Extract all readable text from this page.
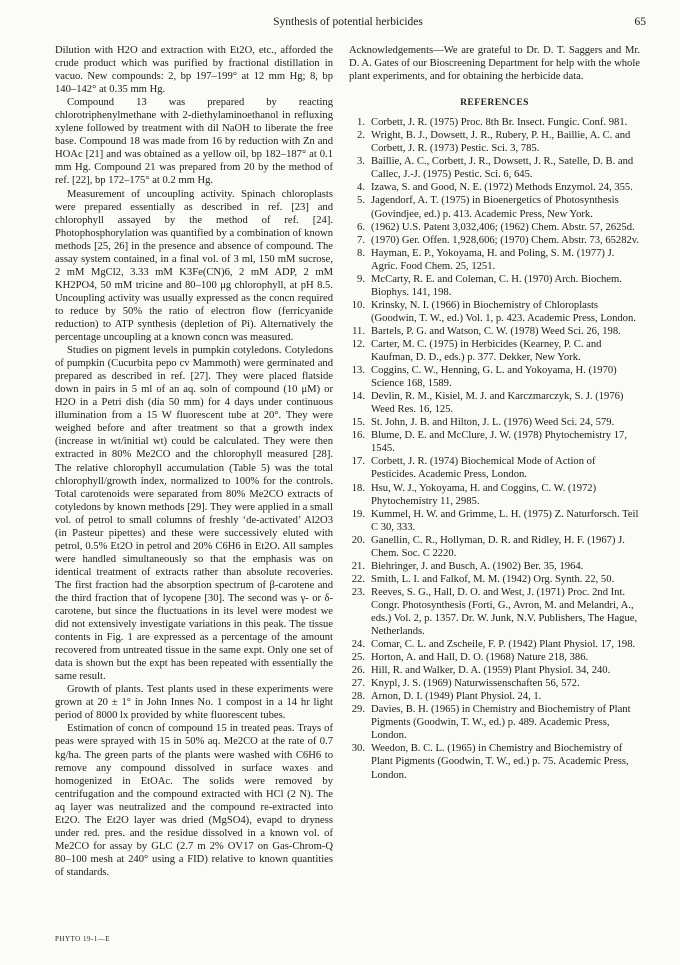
Synthesis of potential herbicides	65

Dilution with H2O and extraction with Et2O, etc., afforded the crude product which was purified by fractional distillation in vacuo. New compounds: 2, bp 197–199° at 12 mm Hg; 8, bp 140–142° at 0.35 mm Hg.

Compound 13 was prepared by reacting chlorotriphenylmethane with 2-diethylaminoethanol in refluxing xylene followed by treatment with dil NaOH to liberate the free base. Compound 18 was made from 16 by reduction with Zn and HOAc [21] and was obtained as a yellow oil, bp 182–187° at 0.1 mm Hg. Compound 21 was prepared from 20 by the method of ref. [22], bp 172–175° at 0.2 mm Hg.

Measurement of uncoupling activity. Spinach chloroplasts were prepared essentially as described in ref. [23] and chlorophyll assayed by the method of ref. [24]. Photophosphorylation was quantified by a combination of known methods [25, 26] in the presence and absence of compound. The assay system contained, in a final vol. of 3 ml, 150 mM sucrose, 2 mM MgCl2, 3.33 mM K3Fe(CN)6, 2 mM ADP, 2 mM KH2PO4, 50 mM tricine and 80–100 μg chlorophyll, at pH 8.5. Uncoupling activity was usually expressed as the concn required to reduce by 50% the ratio of electron flow (ferricyanide reduction) to ATP synthesis (depletion of Pi). Alternatively the percentage uncoupling at a known concn was measured.

Studies on pigment levels in pumpkin cotyledons. Cotyledons of pumpkin (Cucurbita pepo cv Mammoth) were germinated and prepared as described in ref. [27]. They were placed flatside down in pairs in 5 ml of an aq. soln of compound (10 μM) or H2O in a Petri dish (dia 50 mm) for 4 days under continuous illumination from a 15 W fluorescent tube at 20°. They were weighed before and after treatment so that a growth index (increase in wt/initial wt) could be calculated. They were then extracted in 80% Me2CO and the chlorophyll measured [28]. The relative chlorophyll accumulation (Table 5) was the total chlorophyll/growth index, normalized to 100% for the controls. Total carotenoids were separated from 80% Me2CO extracts of cotyledons by known methods [29]. They were applied in a small vol. of petrol to small columns of freshly ‘de-activated’ Al2O3 (in Pasteur pipettes) and these were successively eluted with petrol, 0.5% Et2O in petrol and 20% C6H6 in Et2O. All samples were handled simultaneously so that the emphasis was on identical treatment of extracts rather than absolute recoveries. The first fraction had the absorption spectrum of β-carotene and the third fraction that of lycopene [30]. The second was γ- or δ-carotene, but since the fluctuations in its level were modest we did not extensively investigate variations in this peak. The tissue contents in Fig. 1 are expressed as a percentage of the amount recovered from untreated tissue in the same expt. Only one set of data is shown but the expt has been repeated with essentially the same result.

Growth of plants. Test plants used in these experiments were grown at 20 ± 1° in John Innes No. 1 compost in a 14 hr light period of 8000 lx provided by white fluorescent tubes.

Estimation of concn of compound 15 in treated peas. Trays of peas were sprayed with 15 in 50% aq. Me2CO at the rate of 0.7 kg/ha. The green parts of the plants were washed with C6H6 to remove any compound dissolved in surface waxes and homogenized in EtOAc. The solids were removed by centrifugation and the compound extracted with HCl (2 N). The aq layer was neutralized and the compound re-extracted into Et2O. The Et2O layer was dried (MgSO4), evapd to dryness under red. pres. and the residue dissolved in a known vol. of Me2CO for assay by GLC (2.7 m 2% OV17 on Gas-Chrom-Q 80–100 mesh at 240° using a FID) relative to known quantities of standards.

Acknowledgements—We are grateful to Dr. D. T. Saggers and Mr. D. A. Gates of our Bioscreening Department for help with the whole plant experiments, and for obtaining the herbicide data.

REFERENCES
1. Corbett, J. R. (1975) Proc. 8th Br. Insect. Fungic. Conf. 981.
2. Wright, B. J., Dowsett, J. R., Rubery, P. H., Baillie, A. C. and Corbett, J. R. (1973) Pestic. Sci. 3, 785.
3. Baillie, A. C., Corbett, J. R., Dowsett, J. R., Satelle, D. B. and Callec, J.-J. (1975) Pestic. Sci. 6, 645.
4. Izawa, S. and Good, N. E. (1972) Methods Enzymol. 24, 355.
5. Jagendorf, A. T. (1975) in Bioenergetics of Photosynthesis (Govindjee, ed.) p. 413. Academic Press, New York.
6. (1962) U.S. Patent 3,032,406; (1962) Chem. Abstr. 57, 2625d.
7. (1970) Ger. Offen. 1,928,606; (1970) Chem. Abstr. 73, 65282v.
8. Hayman, E. P., Yokoyama, H. and Poling, S. M. (1977) J. Agric. Food Chem. 25, 1251.
9. McCarty, R. E. and Coleman, C. H. (1970) Arch. Biochem. Biophys. 141, 198.
10. Krinsky, N. I. (1966) in Biochemistry of Chloroplasts (Goodwin, T. W., ed.) Vol. 1, p. 423. Academic Press, London.
11. Bartels, P. G. and Watson, C. W. (1978) Weed Sci. 26, 198.
12. Carter, M. C. (1975) in Herbicides (Kearney, P. C. and Kaufman, D. D., eds.) p. 377. Dekker, New York.
13. Coggins, C. W., Henning, G. L. and Yokoyama, H. (1970) Science 168, 1589.
14. Devlin, R. M., Kisiel, M. J. and Karczmarczyk, S. J. (1976) Weed Res. 16, 125.
15. St. John, J. B. and Hilton, J. L. (1976) Weed Sci. 24, 579.
16. Blume, D. E. and McClure, J. W. (1978) Phytochemistry 17, 1545.
17. Corbett, J. R. (1974) Biochemical Mode of Action of Pesticides. Academic Press, London.
18. Hsu, W. J., Yokoyama, H. and Coggins, C. W. (1972) Phytochemistry 11, 2985.
19. Kummel, H. W. and Grimme, L. H. (1975) Z. Naturforsch. Teil C 30, 333.
20. Ganellin, C. R., Hollyman, D. R. and Ridley, H. F. (1967) J. Chem. Soc. C 2220.
21. Biehringer, J. and Busch, A. (1902) Ber. 35, 1964.
22. Smith, L. I. and Falkof, M. M. (1942) Org. Synth. 22, 50.
23. Reeves, S. G., Hall, D. O. and West, J. (1971) Proc. 2nd Int. Congr. Photosynthesis (Forti, G., Avron, M. and Melandri, A., eds.) Vol. 2, p. 1357. Dr. W. Junk, N.V. Publishers, The Hague, Netherlands.
24. Comar, C. L. and Zscheile, F. P. (1942) Plant Physiol. 17, 198.
25. Horton, A. and Hall, D. O. (1968) Nature 218, 386.
26. Hill, R. and Walker, D. A. (1959) Plant Physiol. 34, 240.
27. Knypl, J. S. (1969) Naturwissenschaften 56, 572.
28. Arnon, D. I. (1949) Plant Physiol. 24, 1.
29. Davies, B. H. (1965) in Chemistry and Biochemistry of Plant Pigments (Goodwin, T. W., ed.) p. 489. Academic Press, London.
30. Weedon, B. C. L. (1965) in Chemistry and Biochemistry of Plant Pigments (Goodwin, T. W., ed.) p. 75. Academic Press, London.
PHYTO 19-1—E
